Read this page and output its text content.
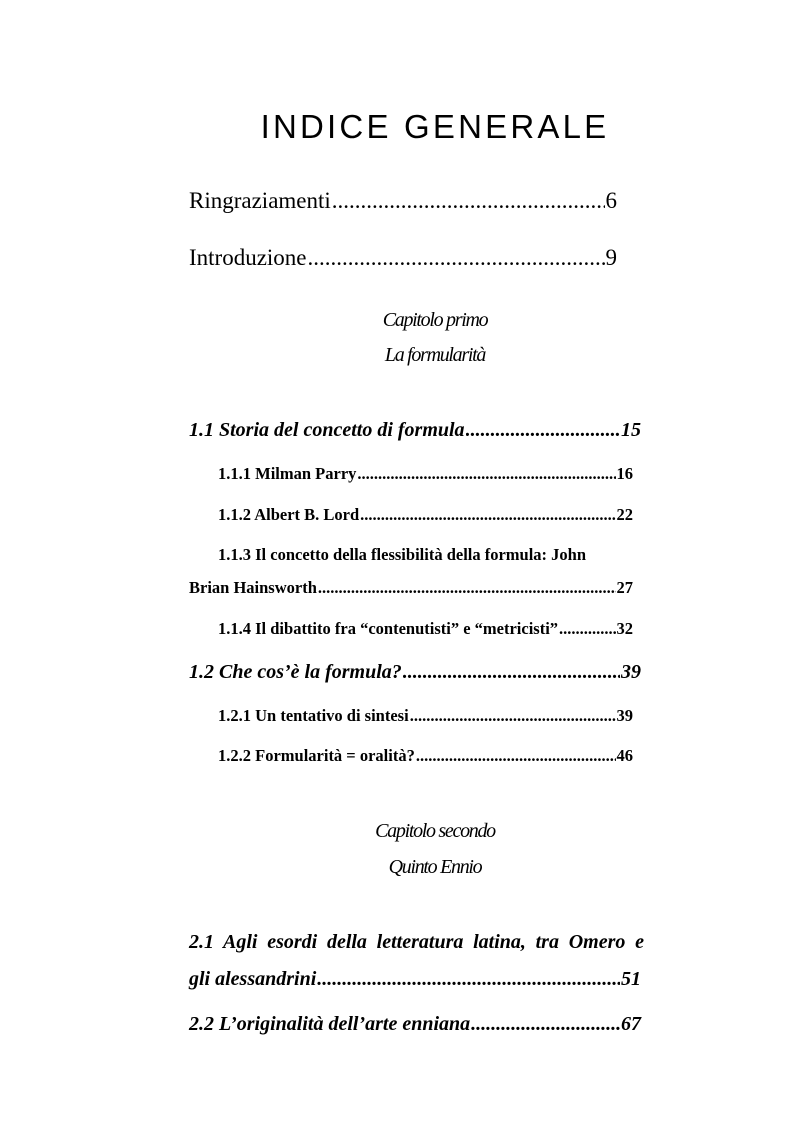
INDICE GENERALE
Ringraziamenti .....	6
Introduzione .....	9
Capitolo primo
La formularità
1.1 Storia del concetto di formula .....	15
1.1.1 Milman Parry .....	16
1.1.2 Albert B. Lord .....	22
1.1.3 Il concetto della flessibilità della formula: John
Brian Hainsworth .....	27
1.1.4 Il dibattito fra “contenutisti” e “metricisti” .....	32
1.2 Che cos’è la formula? .....	39
1.2.1 Un tentativo di sintesi .....	39
1.2.2 Formularità = oralità? .....	46
Capitolo secondo
Quinto Ennio
2.1 Agli esordi della letteratura latina, tra Omero e
gli alessandrini .....	51
2.2 L’originalità dell’arte enniana .....	67
